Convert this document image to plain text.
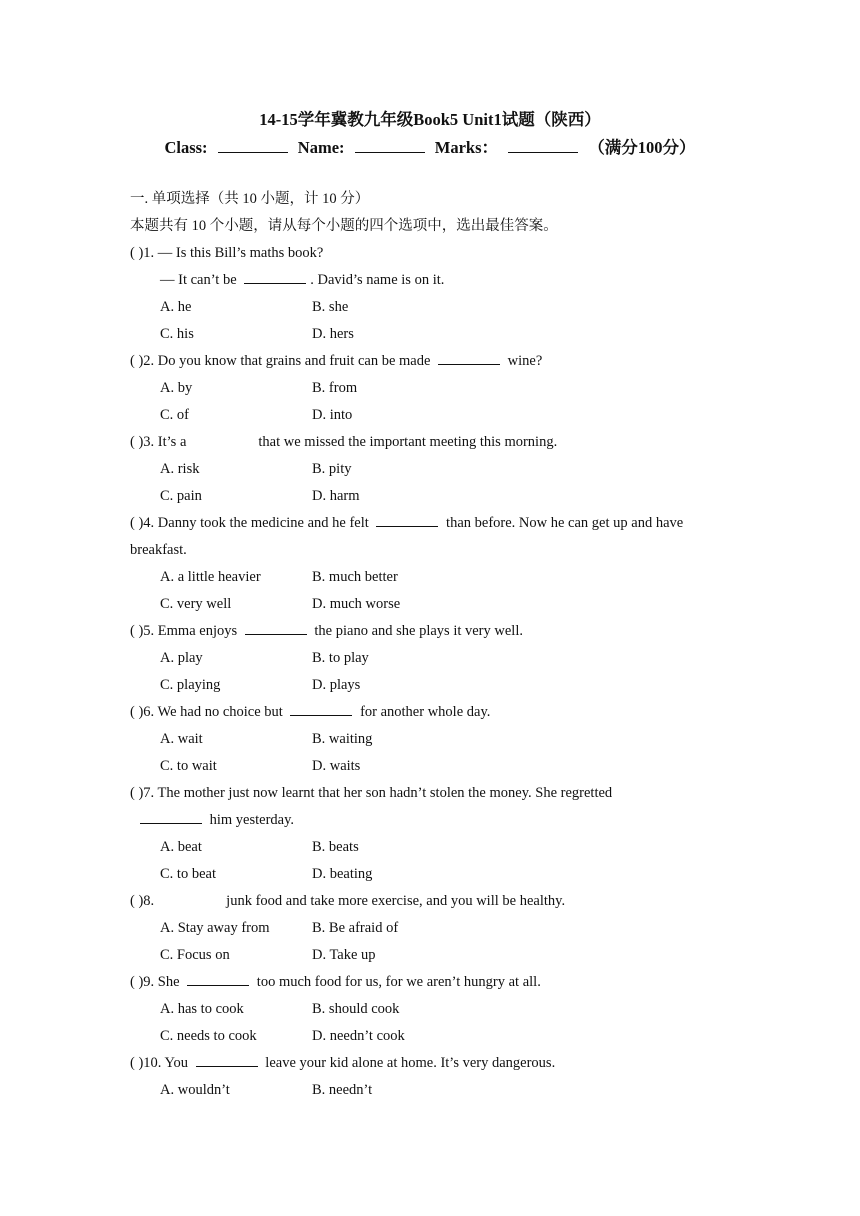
14-15学年冀教九年级Book5 Unit1试题（陕西）
Class:	Name:	Marks：	（满分100分）
一. 单项选择（共 10 小题，计 10 分）
本题共有 10 个小题，请从每个小题的四个选项中，选出最佳答案。
( )1. — Is this Bill’s maths book?
— It can’t be	. David’s name is on it.
A. he	B. she
C. his	D. hers
( )2. Do you know that grains and fruit can be made	wine?
A. by	B. from
C. of	D. into
( )3. It’s a	that we missed the important meeting this morning.
A. risk	B. pity
C. pain	D. harm
( )4. Danny took the medicine and he felt	than before. Now he can get up and have
breakfast.
A. a little heavier	B. much better
C. very well	D. much worse
( )5. Emma enjoys	the piano and she plays it very well.
A. play	B. to play
C. playing	D. plays
( )6. We had no choice but	for another whole day.
A. wait	B. waiting
C. to wait	D. waits
( )7. The mother just now learnt that her son hadn’t stolen the money. She regretted
him yesterday.
A. beat	B. beats
C. to beat	D. beating
( )8.	junk food and take more exercise, and you will be healthy.
A. Stay away from	B. Be afraid of
C. Focus on	D. Take up
( )9. She	too much food for us, for we aren’t hungry at all.
A. has to cook	B. should cook
C. needs to cook	D. needn’t cook
( )10. You	leave your kid alone at home. It’s very dangerous.
A. wouldn’t	B. needn’t
